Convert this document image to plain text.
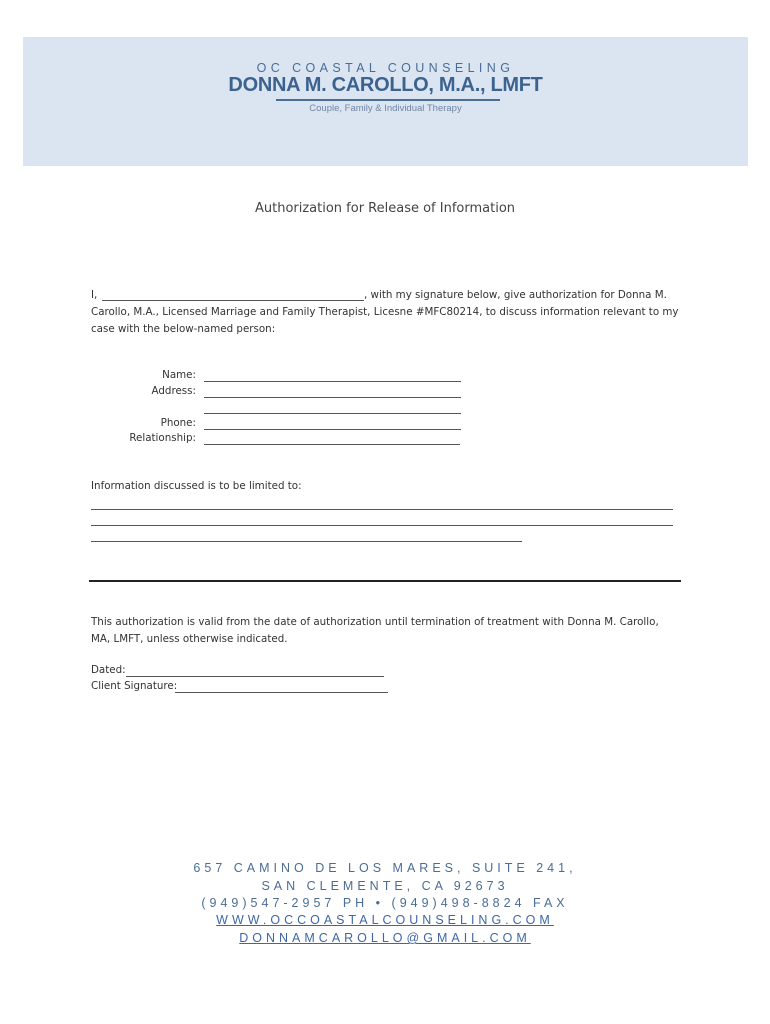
OC COASTAL COUNSELING
DONNA M. CAROLLO, M.A., LMFT
Couple, Family & Individual Therapy
Authorization for Release of Information
I,	, with my signature below, give authorization for Donna M.
Carollo, M.A., Licensed Marriage and Family Therapist, Licesne #MFC80214, to discuss information relevant to my
case with the below-named person:
Name:
Address:
Phone:
Relationship:
Information discussed is to be limited to:
This authorization is valid from the date of authorization until termination of treatment with Donna M. Carollo,
MA, LMFT, unless otherwise indicated.
Dated:
Client Signature:
657 CAMINO DE LOS MARES, SUITE 241,
SAN CLEMENTE, CA 92673
(949)547-2957 PH • (949)498-8824 FAX
WWW.OCCOASTALCOUNSELING.COM
DONNAMCAROLLO@GMAIL.COM
